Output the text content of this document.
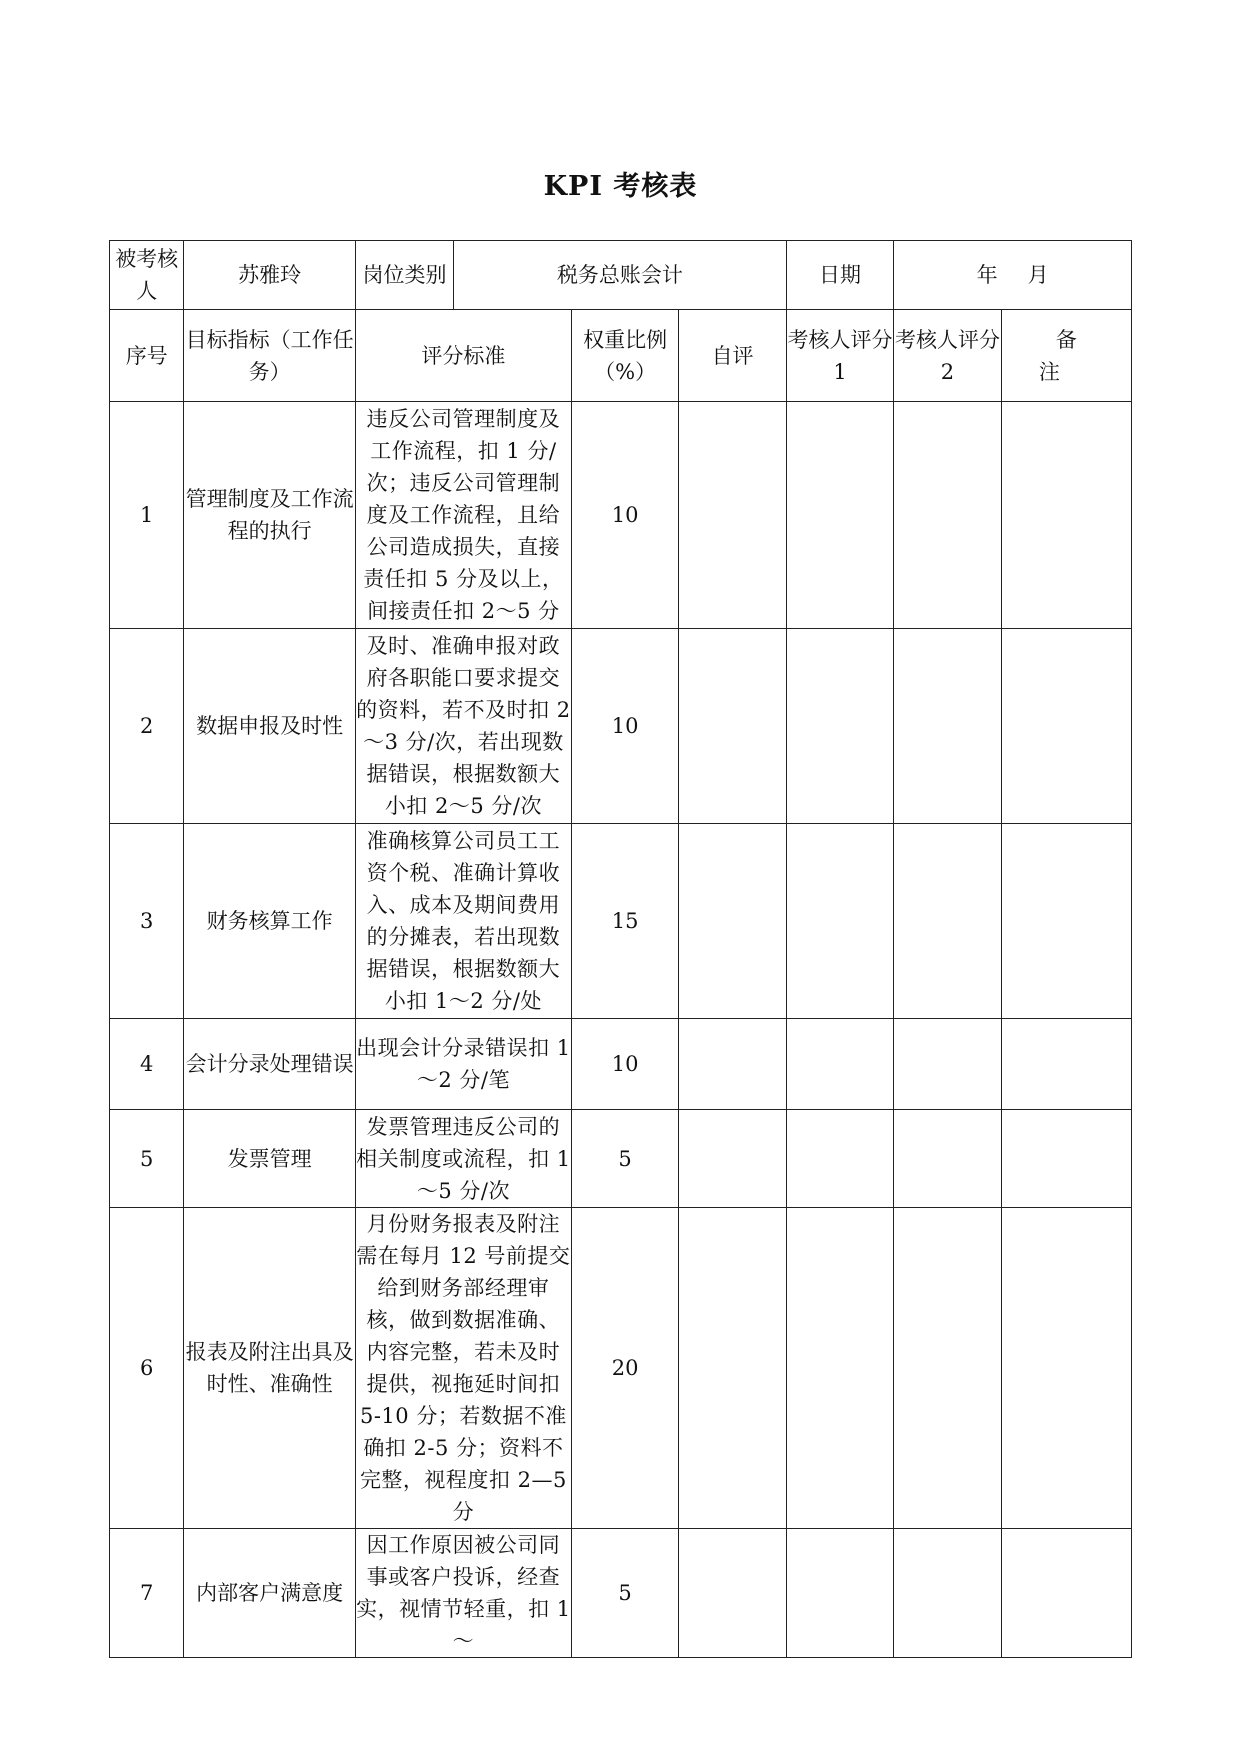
KPI 考核表
被考核人	苏雅玲	岗位类别	税务总账会计			日期	年 月	
序号	目标指标（工作任务）	评分标准		权重比例（%）	自评	考核人评分 1	考核人评分 2	备注
1	管理制度及工作流程的执行	违反公司管理制度及工作流程，扣 1 分/次；违反公司管理制度及工作流程，且给公司造成损失，直接责任扣 5 分及以上，间接责任扣 2～5 分		10				
2	数据申报及时性	及时、准确申报对政府各职能口要求提交的资料，若不及时扣 2～3 分/次，若出现数据错误，根据数额大小扣 2～5 分/次		10				
3	财务核算工作	准确核算公司员工工资个税、准确计算收入、成本及期间费用的分摊表，若出现数据错误，根据数额大小扣 1～2 分/处		15				
4	会计分录处理错误	出现会计分录错误扣 1～2 分/笔		10				
5	发票管理	发票管理违反公司的相关制度或流程，扣 1～5 分/次		5				
6	报表及附注出具及时性、准确性	月份财务报表及附注需在每月 12 号前提交给到财务部经理审核，做到数据准确、内容完整，若未及时提供，视拖延时间扣 5-10 分；若数据不准确扣 2-5 分；资料不完整，视程度扣 2—5 分		20				
7	内部客户满意度	因工作原因被公司同事或客户投诉，经查实，视情节轻重，扣 1～		5				
